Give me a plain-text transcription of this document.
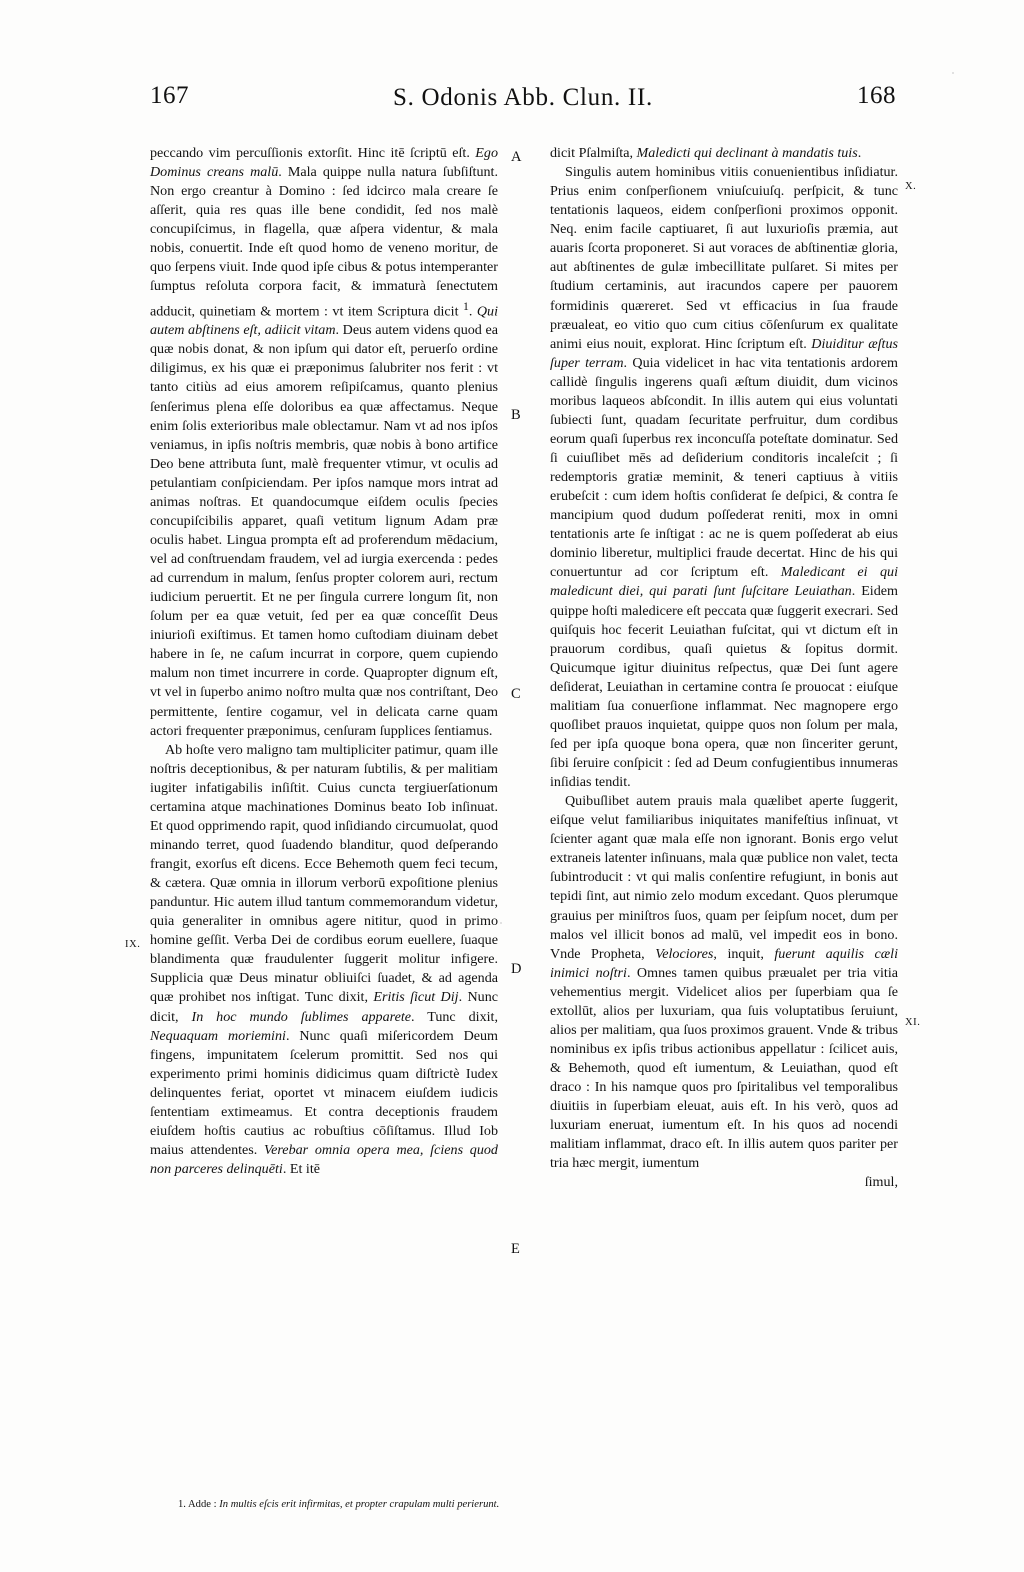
167	S. Odonis Abb. Clun. II.	168
IX.
X.
XI.
A
B
C
D
E

peccando vim percuſſionis extorſit. Hinc itē ſcriptū eſt. Ego Dominus creans malū. Mala quippe nulla natura ſubſiſtunt. Non ergo creantur à Domino : ſed idcirco mala creare ſe aſſerit, quia res quas ille bene condidit, ſed nos malè concupiſcimus, in flagella, quæ aſpera videntur, & mala nobis, conuertit. Inde eſt quod homo de veneno moritur, de quo ſerpens viuit. Inde quod ipſe cibus & potus intemperanter ſumptus reſoluta corpora facit, & immaturà ſenectutem adducit, quinetiam & mortem : vt item Scriptura dicit $^1$. Qui autem abſtinens eſt, adiicit vitam. Deus autem videns quod ea quæ nobis donat, & non ipſum qui dator eſt, peruerſo ordine diligimus, ex his quæ ei præponimus ſalubriter nos ferit : vt tanto citiùs ad eius amorem reſipiſcamus, quanto plenius ſenſerimus plena eſſe doloribus ea quæ affectamus. Neque enim ſolis exterioribus male oblectamur. Nam vt ad nos ipſos veniamus, in ipſis noſtris membris, quæ nobis à bono artifice Deo bene attributa ſunt, malè frequenter vtimur, vt oculis ad petulantiam conſpiciendam. Per ipſos namque mors intrat ad animas noſtras. Et quandocumque eiſdem oculis ſpecies concupiſcibilis apparet, quaſi vetitum lignum Adam præ oculis habet. Lingua prompta eſt ad proferendum mēdacium, vel ad conſtruendam fraudem, vel ad iurgia exercenda : pedes ad currendum in malum, ſenſus propter colorem auri, rectum iudicium peruertit. Et ne per ſingula currere longum ſit, non ſolum per ea quæ vetuit, ſed per ea quæ conceſſit Deus iniurioſi exiſtimus. Et tamen homo cuſtodiam diuinam debet habere in ſe, ne caſum incurrat in corpore, quem cupiendo malum non timet incurrere in corde. Quapropter dignum eſt, vt vel in ſuperbo animo noſtro multa quæ nos contriſtant, Deo permittente, ſentire cogamur, vel in delicata carne quam actori frequenter præponimus, cenſuram ſupplices ſentiamus.

Ab hoſte vero maligno tam multipliciter patimur, quam ille noſtris deceptionibus, & per naturam ſubtilis, & per malitiam iugiter infatigabilis inſiſtit. Cuius cuncta tergiuerſationum certamina atque machinationes Dominus beato Iob inſinuat. Et quod opprimendo rapit, quod inſidiando circumuolat, quod minando terret, quod ſuadendo blanditur, quod deſperando frangit, exorſus eſt dicens. Ecce Behemoth quem feci tecum, & cætera. Quæ omnia in illorum verborū expoſitione plenius panduntur. Hic autem illud tantum commemorandum videtur, quia generaliter in omnibus agere nititur, quod in primo homine geſſit. Verba Dei de cordibus eorum euellere, ſuaque blandimenta quæ fraudulenter ſuggerit molitur infigere. Supplicia quæ Deus minatur obliuiſci ſuadet, & ad agenda quæ prohibet nos inſtigat. Tunc dixit, Eritis ſicut Dij. Nunc dicit, In hoc mundo ſublimes apparete. Tunc dixit, Nequaquam moriemini. Nunc quaſi miſericordem Deum fingens, impunitatem ſcelerum promittit. Sed nos qui experimento primi hominis didicimus quam diſtrictè Iudex delinquentes feriat, oportet vt minacem eiuſdem iudicis ſententiam extimeamus. Et contra deceptionis fraudem eiuſdem hoſtis cautius ac robuſtius cōſiſtamus. Illud Iob maius attendentes. Verebar omnia opera mea, ſciens quod non parceres delinquēti. Et itē

dicit Pſalmiſta, Maledicti qui declinant à mandatis tuis.

Singulis autem hominibus vitiis conuenientibus inſidiatur. Prius enim conſperſionem vniuſcuiuſq. perſpicit, & tunc tentationis laqueos, eidem conſperſioni proximos opponit. Neq. enim facile captiuaret, ſi aut luxurioſis præmia, aut auaris ſcorta proponeret. Si aut voraces de abſtinentiæ gloria, aut abſtinentes de gulæ imbecillitate pulſaret. Si mites per ſtudium certaminis, aut iracundos capere per pauorem formidinis quæreret. Sed vt efficacius in ſua fraude præualeat, eo vitio quo cum citius cōſenſurum ex qualitate animi eius nouit, explorat. Hinc ſcriptum eſt. Diuiditur æſtus ſuper terram. Quia videlicet in hac vita tentationis ardorem callidè ſingulis ingerens quaſi æſtum diuidit, dum vicinos moribus laqueos abſcondit. In illis autem qui eius voluntati ſubiecti ſunt, quadam ſecuritate perfruitur, dum cordibus eorum quaſi ſuperbus rex inconcuſſa poteſtate dominatur. Sed ſi cuiuſlibet mēs ad deſiderium conditoris incaleſcit ; ſi redemptoris gratiæ meminit, & teneri captiuus à vitiis erubeſcit : cum idem hoſtis conſiderat ſe deſpici, & contra ſe mancipium quod dudum poſſederat reniti, mox in omni tentationis arte ſe inſtigat : ac ne is quem poſſederat ab eius dominio liberetur, multiplici fraude decertat. Hinc de his qui conuertuntur ad cor ſcriptum eſt. Maledicant ei qui maledicunt diei, qui parati ſunt ſuſcitare Leuiathan. Eidem quippe hoſti maledicere eſt peccata quæ ſuggerit execrari. Sed quiſquis hoc fecerit Leuiathan fuſcitat, qui vt dictum eſt in prauorum cordibus, quaſi quietus & ſopitus dormit. Quicumque igitur diuinitus reſpectus, quæ Dei ſunt agere deſiderat, Leuiathan in certamine contra ſe prouocat : eiuſque malitiam ſua conuerſione inflammat. Nec magnopere ergo quoſlibet prauos inquietat, quippe quos non ſolum per mala, ſed per ipſa quoque bona opera, quæ non ſinceriter gerunt, ſibi ſeruire conſpicit : ſed ad Deum confugientibus innumeras inſidias tendit.

Quibuſlibet autem prauis mala quælibet aperte ſuggerit, eiſque velut familiaribus iniquitates manifeſtius inſinuat, vt ſcienter agant quæ mala eſſe non ignorant. Bonis ergo velut extraneis latenter inſinuans, mala quæ publice non valet, tecta ſubintroducit : vt qui malis conſentire refugiunt, in bonis aut tepidi ſint, aut nimio zelo modum excedant. Quos plerumque grauius per miniſtros ſuos, quam per ſeipſum nocet, dum per malos vel illicit bonos ad malū, vel impedit eos in bono. Vnde Propheta, Velociores, inquit, fuerunt aquilis cæli inimici noſtri. Omnes tamen quibus præualet per tria vitia vehementius mergit. Videlicet alios per ſuperbiam qua ſe extollūt, alios per luxuriam, qua ſuis voluptatibus ſeruiunt, alios per malitiam, qua ſuos proximos grauent. Vnde & tribus nominibus ex ipſis tribus actionibus appellatur : ſcilicet auis, & Behemoth, quod eſt iumentum, & Leuiathan, quod eſt draco : In his namque quos pro ſpiritalibus vel temporalibus diuitiis in ſuperbiam eleuat, auis eſt. In his verò, quos ad luxuriam eneruat, iumentum eſt. In his quos ad nocendi malitiam inflammat, draco eſt. In illis autem quos pariter per tria hæc mergit, iumentum

ſimul,

1. Adde : In multis eſcis erit infirmitas, et propter crapulam multi perierunt.
